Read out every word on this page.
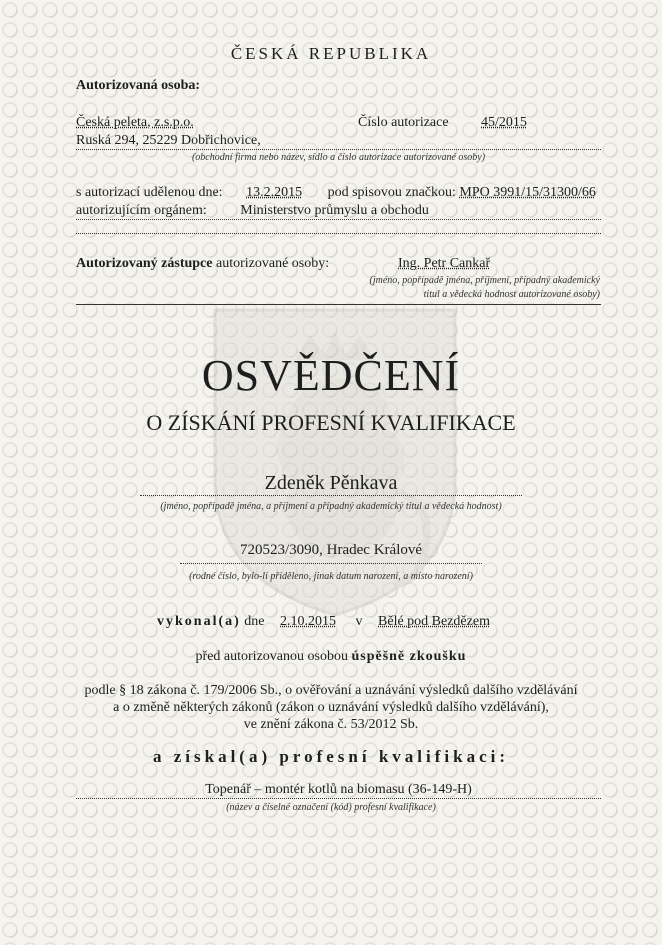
ČESKÁ REPUBLIKA
Autorizovaná osoba:
Česká peleta, z.s.p.o.	Číslo autorizace 45/2015
Ruská 294, 25229 Dobřichovice,
(obchodní firma nebo název, sídlo a číslo autorizace autorizované osoby)
s autorizací udělenou dne: 13.2.2015 pod spisovou značkou: MPO 3991/15/31300/66
autorizujícím orgánem: Ministerstvo průmyslu a obchodu
Autorizovaný zástupce autorizované osoby:	Ing. Petr Cankař
(jméno, popřípadě jména, příjmení, případný akademický
titul a vědecká hodnost autorizované osoby)
OSVĚDČENÍ
O ZÍSKÁNÍ PROFESNÍ KVALIFIKACE
Zdeněk Pěnkava
(jméno, popřípadě jména, a příjmení a případný akademický titul a vědecká hodnost)
720523/3090, Hradec Králové
(rodné číslo, bylo-li přiděleno, jinak datum narození, a místo narození)
vykonal(a) dne 2.10.2015 v Bělé pod Bezdězem
před autorizovanou osobou úspěšně zkoušku
podle § 18 zákona č. 179/2006 Sb., o ověřování a uznávání výsledků dalšího vzdělávání
a o změně některých zákonů (zákon o uznávání výsledků dalšího vzdělávání),
ve znění zákona č. 53/2012 Sb.
a získal(a) profesní kvalifikaci:
Topenář – montér kotlů na biomasu (36-149-H)
(název a číselné označení (kód) profesní kvalifikace)
